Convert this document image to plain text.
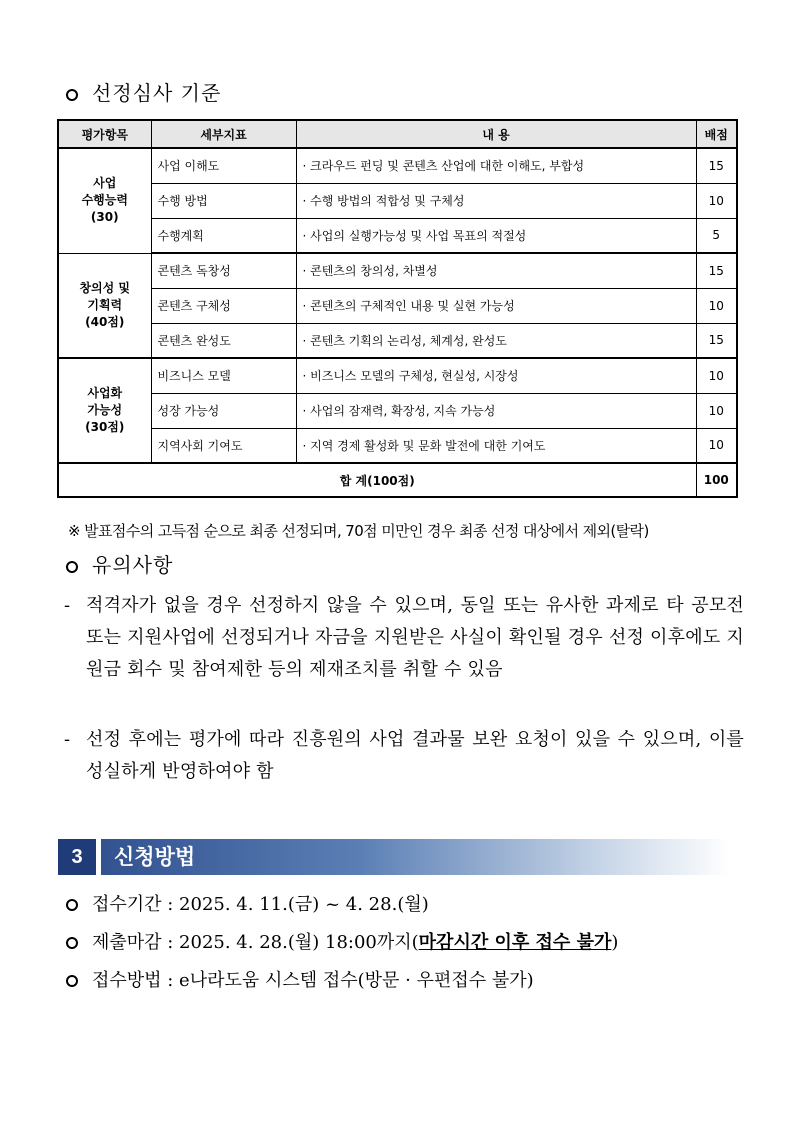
선정심사 기준
평가항목	세부지표	내 용	배점

사업
수행능력
(30)	사업 이해도	· 크라우드 펀딩 및 콘텐츠 산업에 대한 이해도, 부합성	15
	수행 방법	· 수행 방법의 적합성 및 구체성	10
	수행계획	· 사업의 실행가능성 및 사업 목표의 적절성	5

창의성 및
기획력
(40점)	콘텐츠 독창성	· 콘텐츠의 창의성, 차별성	15
	콘텐츠 구체성	· 콘텐츠의 구체적인 내용 및 실현 가능성	10
	콘텐츠 완성도	· 콘텐츠 기획의 논리성, 체계성, 완성도	15

사업화
가능성
(30점)	비즈니스 모델	· 비즈니스 모델의 구체성, 현실성, 시장성	10
	성장 가능성	· 사업의 잠재력, 확장성, 지속 가능성	10
	지역사회 기여도	· 지역 경제 활성화 및 문화 발전에 대한 기여도	10
합 계(100점)			100
※ 발표점수의 고득점 순으로 최종 선정되며, 70점 미만인 경우 최종 선정 대상에서 제외(탈락)
유의사항
- 적격자가 없을 경우 선정하지 않을 수 있으며, 동일 또는 유사한 과제로 타 공모전 또는 지원사업에 선정되거나 자금을 지원받은 사실이 확인될 경우 선정 이후에도 지원금 회수 및 참여제한 등의 제재조치를 취할 수 있음
- 선정 후에는 평가에 따라 진흥원의 사업 결과물 보완 요청이 있을 수 있으며, 이를 성실하게 반영하여야 함
3	신청방법
접수기간 : 2025. 4. 11.(금) ~ 4. 28.(월)
제출마감 : 2025. 4. 28.(월) 18:00까지(마감시간 이후 접수 불가)
접수방법 : e나라도움 시스템 접수(방문 · 우편접수 불가)
